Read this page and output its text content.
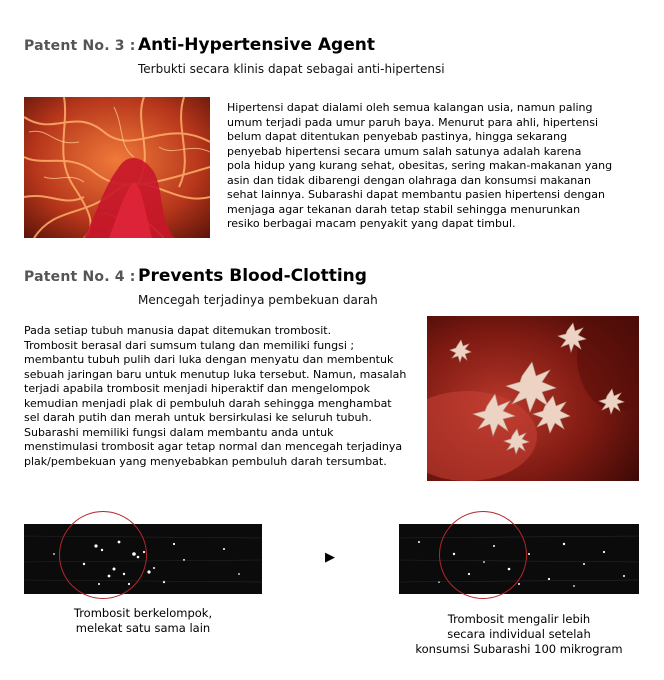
Patent No. 3 : Anti-Hypertensive Agent
Terbukti secara klinis dapat sebagai anti-hipertensi
Hipertensi dapat dialami oleh semua kalangan usia, namun paling
umum terjadi pada umur paruh baya. Menurut para ahli, hipertensi
belum dapat ditentukan penyebab pastinya, hingga sekarang
penyebab hipertensi secara umum salah satunya adalah karena
pola hidup yang kurang sehat, obesitas, sering makan-makanan yang
asin dan tidak dibarengi dengan olahraga dan konsumsi makanan
sehat lainnya. Subarashi dapat membantu pasien hipertensi dengan
menjaga agar tekanan darah tetap stabil sehingga menurunkan
resiko berbagai macam penyakit yang dapat timbul.
Patent No. 4 : Prevents Blood-Clotting
Mencegah terjadinya pembekuan darah
Pada setiap tubuh manusia dapat ditemukan trombosit.
Trombosit berasal dari sumsum tulang dan memiliki fungsi ;
membantu tubuh pulih dari luka dengan menyatu dan membentuk
sebuah jaringan baru untuk menutup luka tersebut. Namun, masalah
terjadi apabila trombosit menjadi hiperaktif dan mengelompok
kemudian menjadi plak di pembuluh darah sehingga menghambat
sel darah putih dan merah untuk bersirkulasi ke seluruh tubuh.
Subarashi memiliki fungsi dalam membantu anda untuk
menstimulasi trombosit agar tetap normal dan mencegah terjadinya
plak/pembekuan yang menyebabkan pembuluh darah tersumbat.
▶
Trombosit berkelompok,
melekat satu sama lain
Trombosit mengalir lebih
secara individual setelah
konsumsi Subarashi 100 mikrogram
